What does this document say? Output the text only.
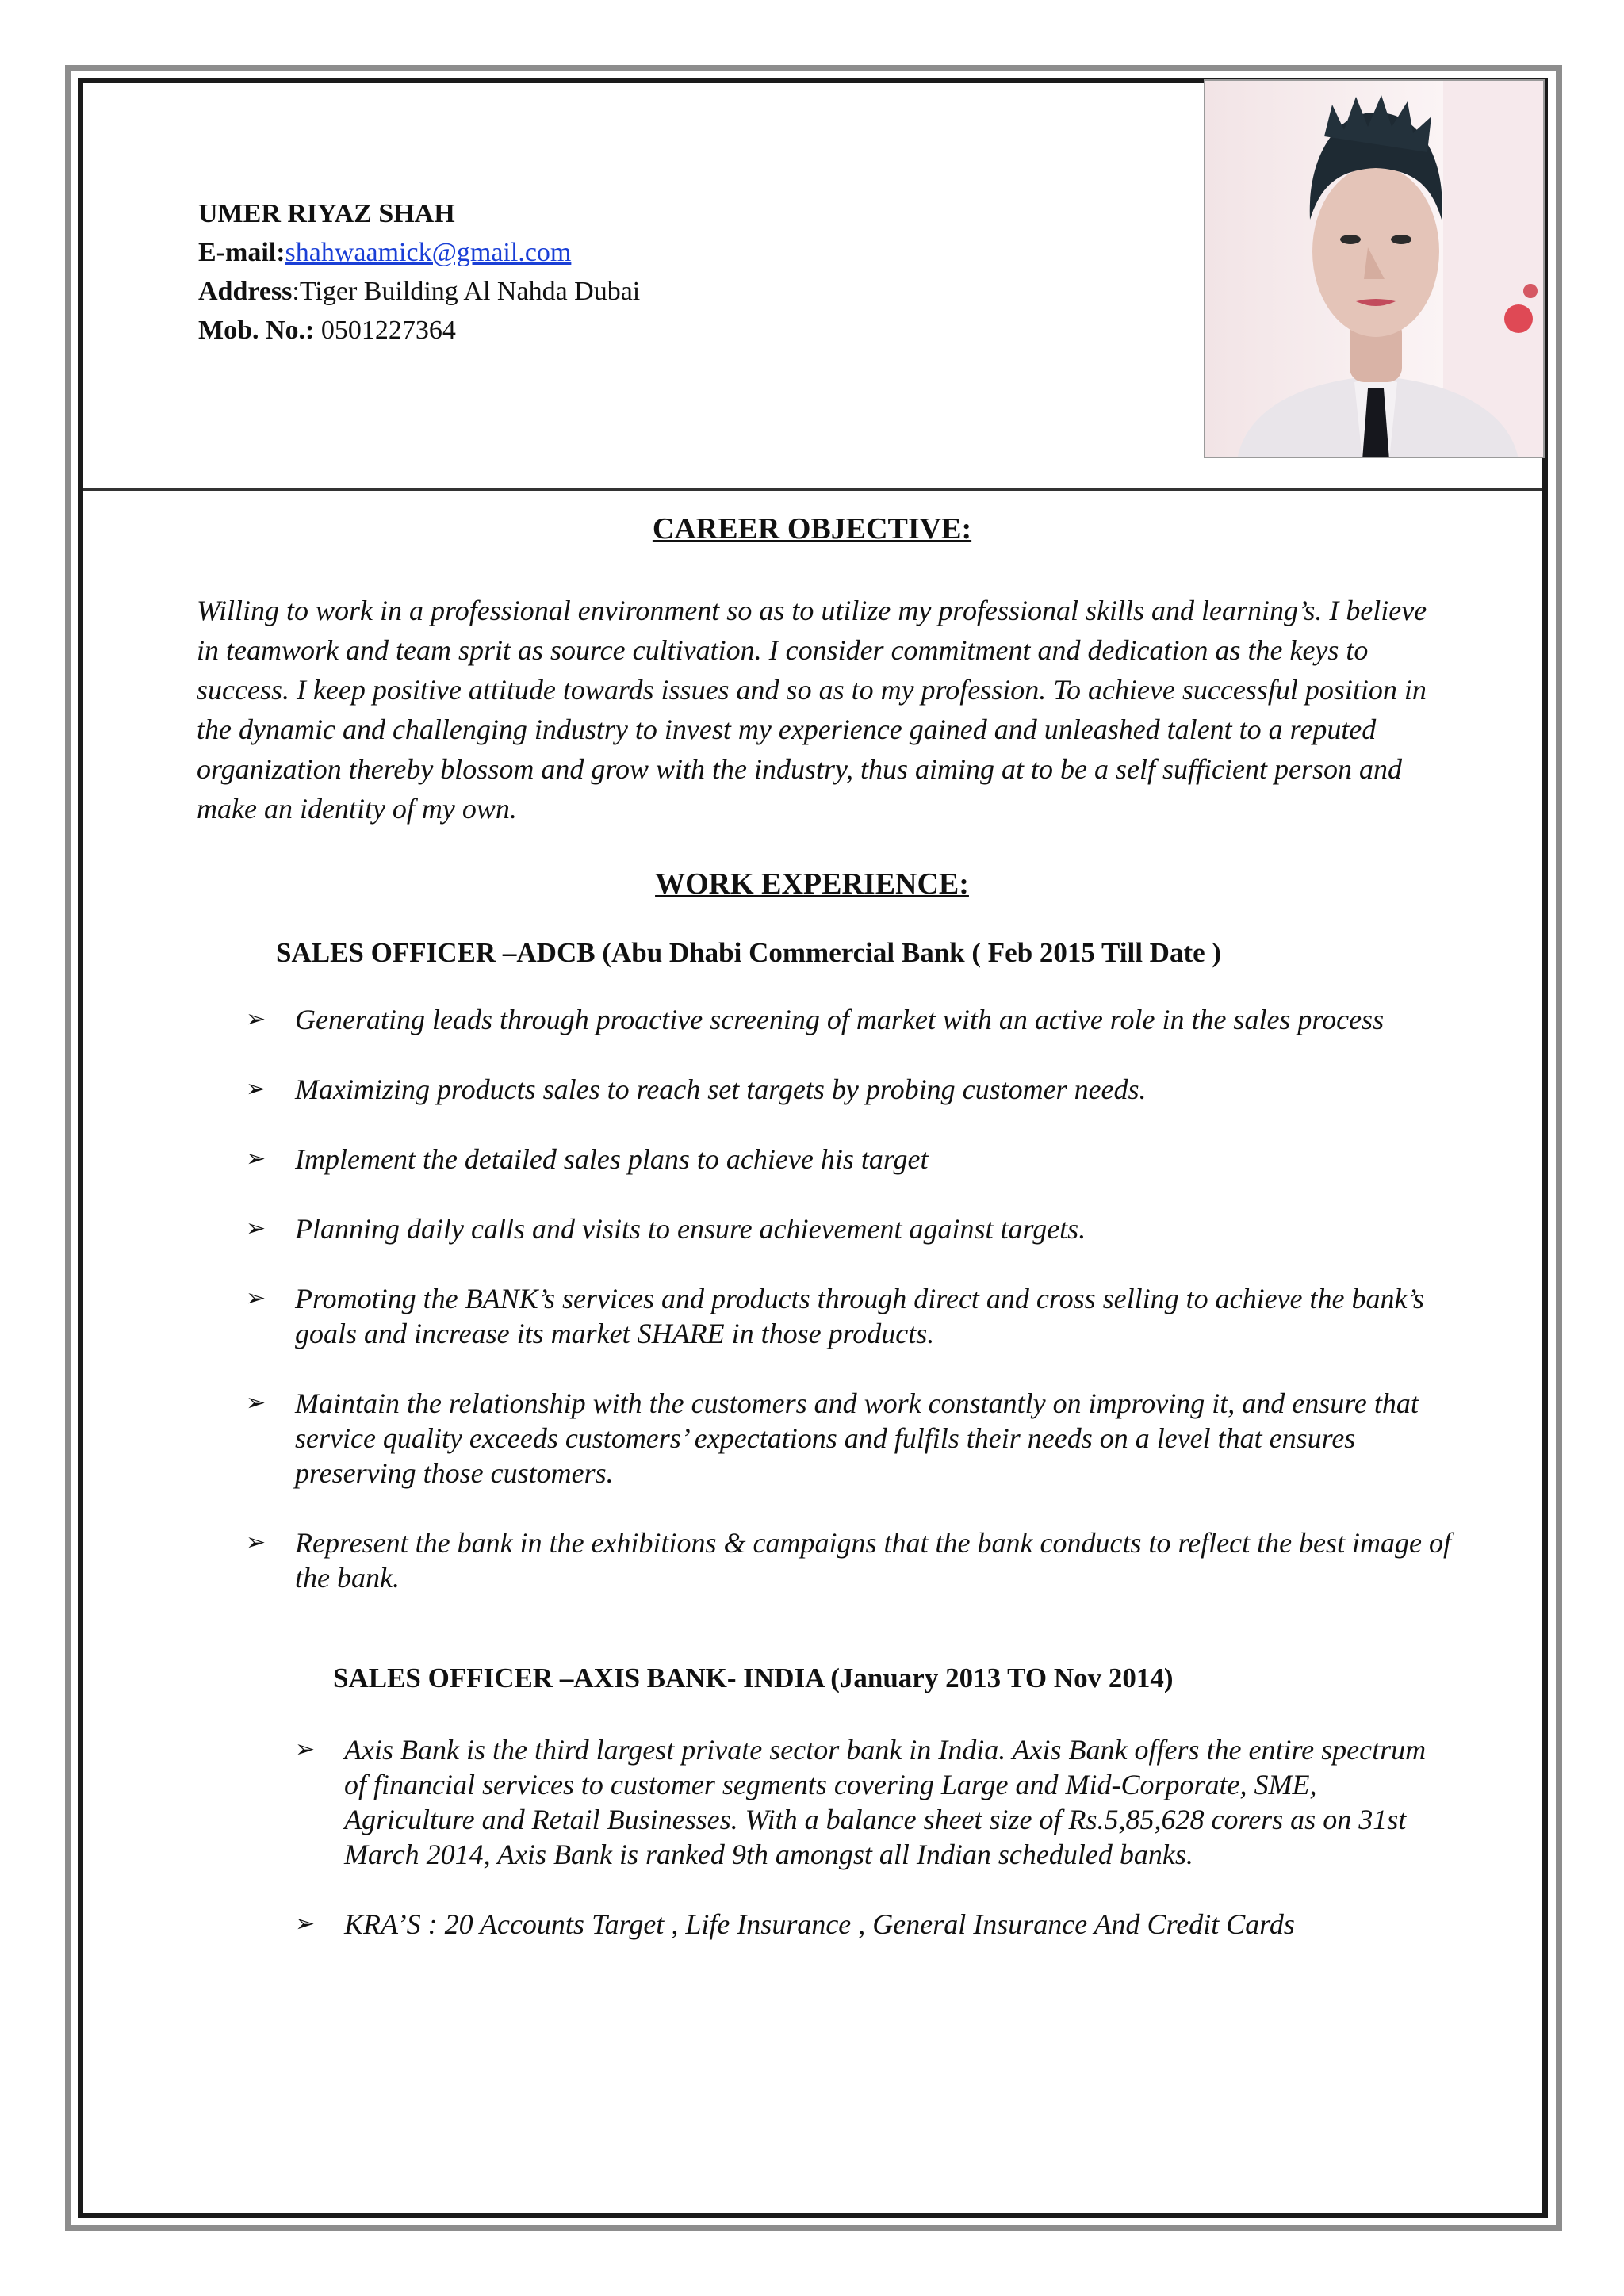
UMER RIYAZ SHAH
E-mail:shahwaamick@gmail.com
Address:Tiger Building Al Nahda Dubai
Mob. No.: 0501227364
CAREER OBJECTIVE:
Willing to work in a professional environment so as to utilize my professional skills and learning’s. I believe in teamwork and team sprit as source cultivation. I consider commitment and dedication as the keys to success. I keep positive attitude towards issues and so as to my profession. To achieve successful position in the dynamic and challenging industry to invest my experience gained and unleashed talent to a reputed organization thereby blossom and grow with the industry, thus aiming at to be a self sufficient person and make an identity of my own.
WORK EXPERIENCE:
SALES OFFICER –ADCB (Abu Dhabi Commercial Bank ( Feb 2015 Till Date )
➢ Generating leads through proactive screening of market with an active role in the sales process
➢ Maximizing products sales to reach set targets by probing customer needs.
➢ Implement the detailed sales plans to achieve his target
➢ Planning daily calls and visits to ensure achievement against targets.
➢ Promoting the BANK’s services and products through direct and cross selling to achieve the bank’s goals and increase its market SHARE in those products.
➢ Maintain the relationship with the customers and work constantly on improving it, and ensure that service quality exceeds customers’ expectations and fulfils their needs on a level that ensures preserving those customers.
➢ Represent the bank in the exhibitions & campaigns that the bank conducts to reflect the best image of the bank.
SALES OFFICER –AXIS BANK- INDIA (January 2013 TO Nov 2014)
➢ Axis Bank is the third largest private sector bank in India. Axis Bank offers the entire spectrum of financial services to customer segments covering Large and Mid-Corporate, SME, Agriculture and Retail Businesses. With a balance sheet size of Rs.5,85,628 corers as on 31st March 2014, Axis Bank is ranked 9th amongst all Indian scheduled banks.
➢ KRA’S : 20 Accounts Target , Life Insurance , General Insurance And Credit Cards
